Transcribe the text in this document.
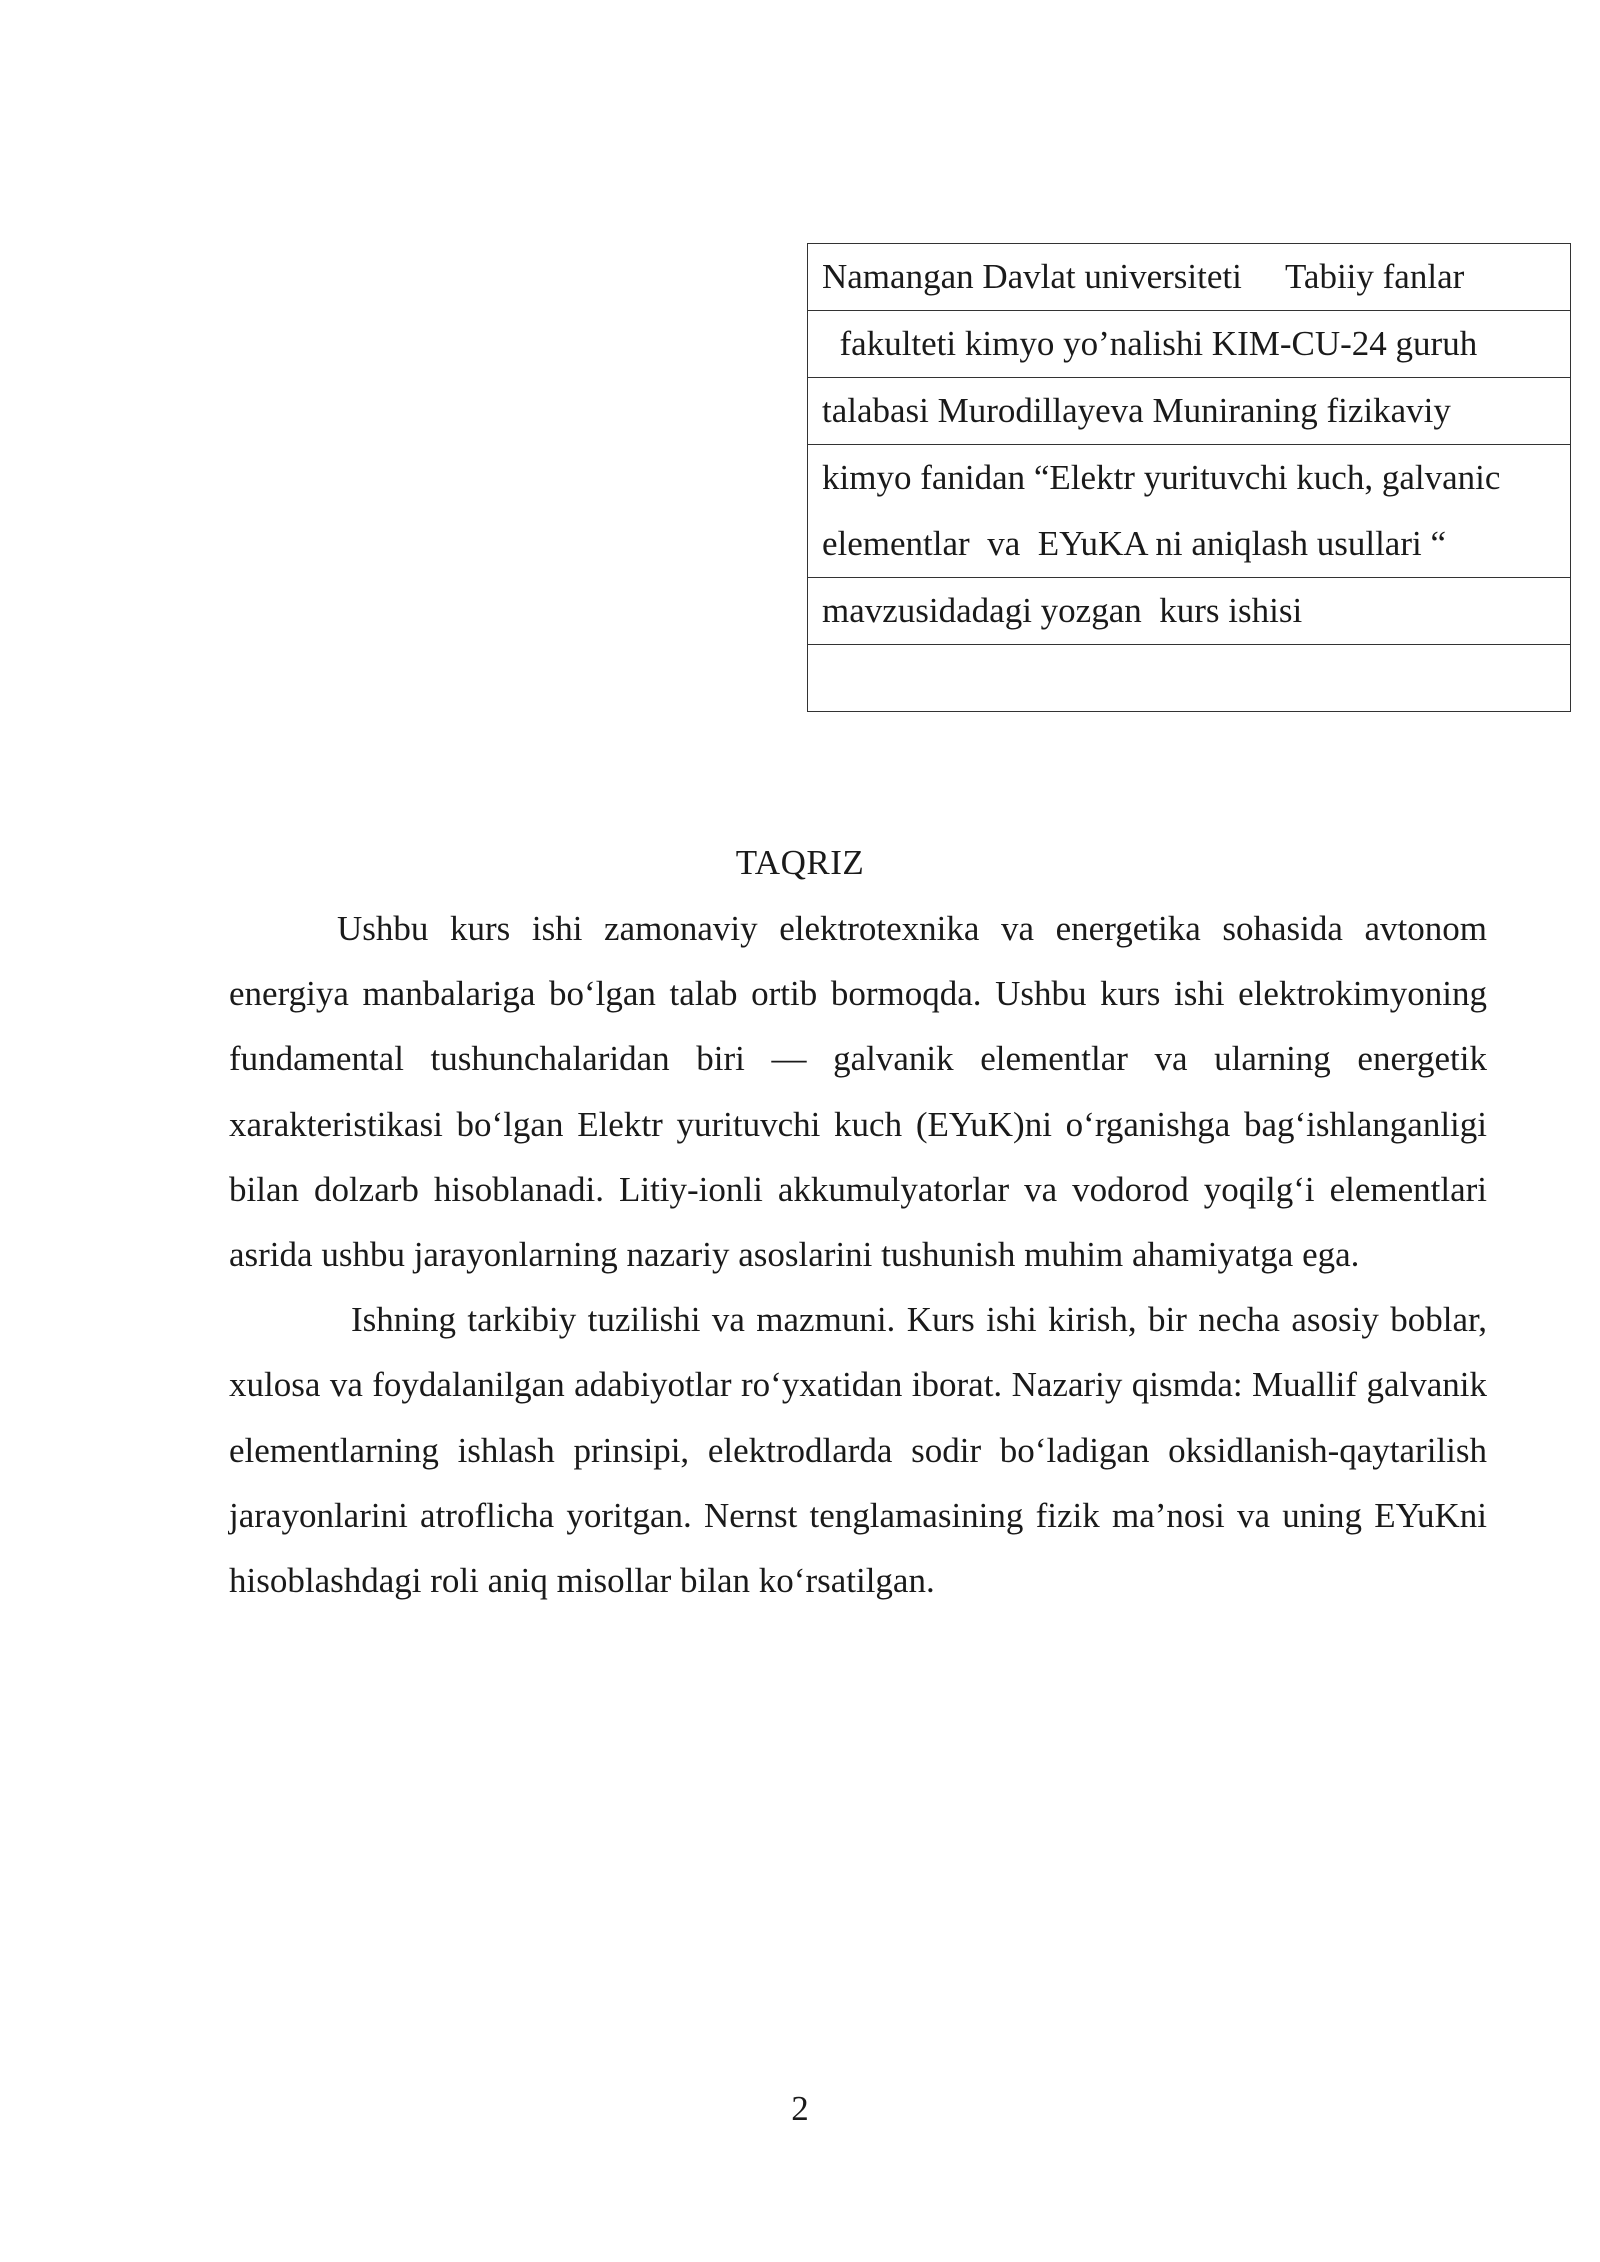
Namangan Davlat universiteti     Tabiiy fanlar
fakulteti kimyo yo’nalishi KIM-CU-24 guruh
talabasi Murodillayeva Muniraning fizikaviy

kimyo fanidan “Elektr yurituvchi kuch, galvanic
elementlar  va  EYuKA ni aniqlash usullari “

mavzusidadagi yozgan  kurs ishisi

TAQRIZ

Ushbu kurs ishi zamonaviy elektrotexnika va energetika sohasida avtonom energiya manbalariga bo‘lgan talab ortib bormoqda. Ushbu kurs ishi elektrokimyoning fundamental tushunchalaridan biri — galvanik elementlar va ularning energetik xarakteristikasi bo‘lgan Elektr yurituvchi kuch (EYuK)ni o‘rganishga bag‘ishlanganligi bilan dolzarb hisoblanadi. Litiy-ionli akkumulyatorlar va vodorod yoqilg‘i elementlari asrida ushbu jarayonlarning nazariy asoslarini tushunish muhim ahamiyatga ega.

Ishning tarkibiy tuzilishi va mazmuni. Kurs ishi kirish, bir necha asosiy boblar, xulosa va foydalanilgan adabiyotlar ro‘yxatidan iborat. Nazariy qismda: Muallif galvanik elementlarning ishlash prinsipi, elektrodlarda sodir bo‘ladigan oksidlanish-qaytarilish jarayonlarini atroflicha yoritgan. Nernst tenglamasining fizik ma’nosi va uning EYuKni hisoblashdagi roli aniq misollar bilan ko‘rsatilgan.

2
